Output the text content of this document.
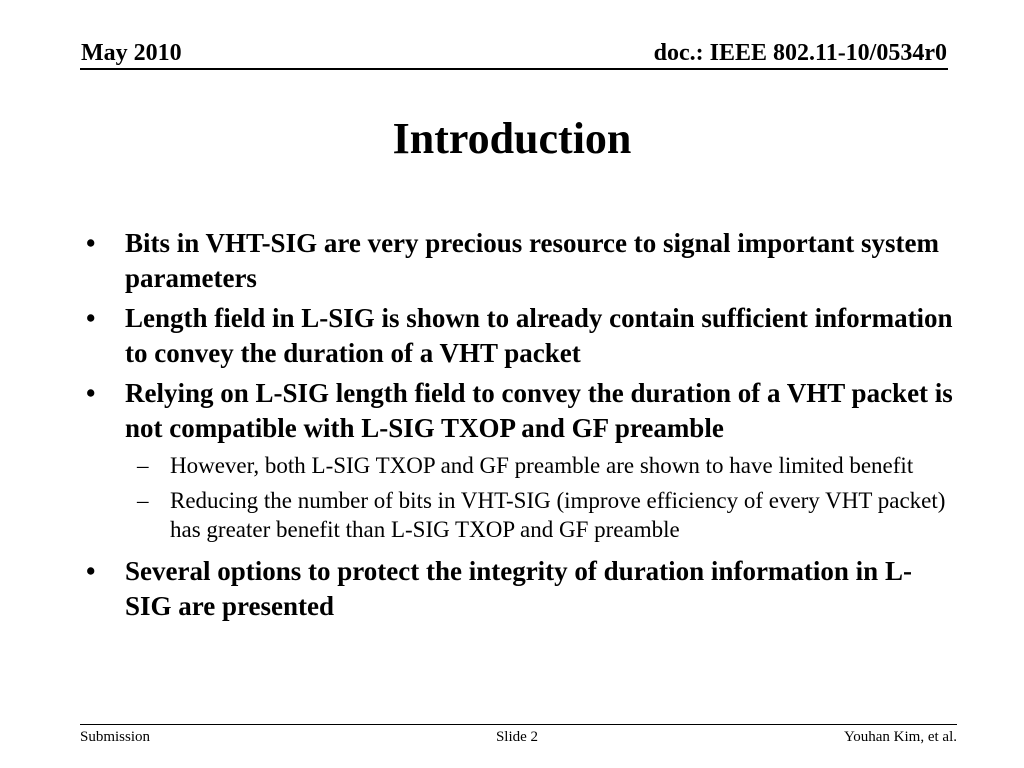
May 2010	doc.: IEEE 802.11-10/0534r0
Introduction
•	Bits in VHT-SIG are very precious resource to signal important system parameters
•	Length field in L-SIG is shown to already contain sufficient information to convey the duration of a VHT packet
•	Relying on L-SIG length field to convey the duration of a VHT packet is not compatible with L-SIG TXOP and GF preamble
– However, both L-SIG TXOP and GF preamble are shown to have limited benefit
– Reducing the number of bits in VHT-SIG (improve efficiency of every VHT packet) has greater benefit than L-SIG TXOP and GF preamble
•	Several options to protect the integrity of duration information in L-SIG are presented
Submission	Slide 2	Youhan Kim, et al.
